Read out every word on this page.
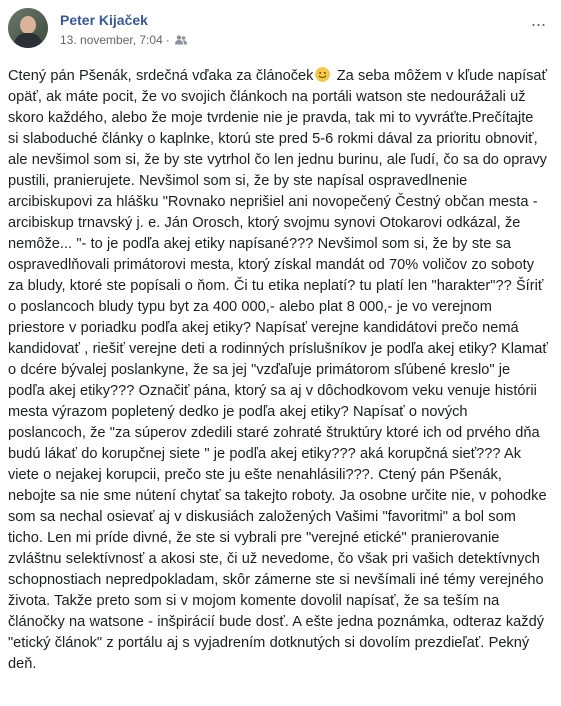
Peter Kijaček
13. november, 7:04 ·
···
Ctený pán Pšenák, srdečná vďaka za článoček Za seba môžem v kľude napísať opäť, ak máte pocit, že vo svojich článkoch na portáli watson ste nedourážali už skoro každého, alebo že moje tvrdenie nie je pravda, tak mi to vyvráťte.Prečítajte si slaboduché články o kaplnke, ktorú ste pred 5-6 rokmi dával za prioritu obnoviť, ale nevšimol som si, že by ste vytrhol čo len jednu burinu, ale ľudí, čo sa do opravy pustili, pranierujete. Nevšimol som si, že by ste napísal ospravedlnenie arcibiskupovi za hlášku "Rovnako neprišiel ani novopečený Čestný občan mesta - arcibiskup trnavský j. e. Ján Orosch, ktorý svojmu synovi Otokarovi odkázal, že nemôže... "- to je podľa akej etiky napísané??? Nevšimol som si, že by ste sa ospravedlňovali primátorovi mesta, ktorý získal mandát od 70% voličov zo soboty za bludy, ktoré ste popísali o ňom. Či tu etika neplatí? tu platí len "harakter"?? Šíriť o poslancoch bludy typu byt za 400 000,- alebo plat 8 000,- je vo verejnom priestore v poriadku podľa akej etiky? Napísať verejne kandidátovi prečo nemá kandidovať , riešiť verejne deti a rodinných príslušníkov je podľa akej etiky? Klamať o dcére bývalej poslankyne, že sa jej "vzďaľuje primátorom sľúbené kreslo" je podľa akej etiky??? Označiť pána, ktorý sa aj v dôchodkovom veku venuje histórii mesta výrazom popletený dedko je podľa akej etiky? Napísať o nových poslancoch, že "za súperov zdedili staré zohraté štruktúry ktoré ich od prvého dňa budú lákať do korupčnej siete " je podľa akej etiky??? aká korupčná sieť??? Ak viete o nejakej korupcii, prečo ste ju ešte nenahlásili???. Ctený pán Pšenák, nebojte sa nie sme nútení chytať sa takejto roboty. Ja osobne určite nie, v pohodke som sa nechal osievať aj v diskusiách založených Vašimi "favoritmi" a bol som ticho. Len mi príde divné, že ste si vybrali pre "verejné etické" pranierovanie zvláštnu selektívnosť a akosi ste, či už nevedome, čo však pri vašich detektívnych schopnostiach nepredpokladam, skôr zámerne ste si nevšímali iné témy verejného života. Takže preto som si v mojom komente dovolil napísať, že sa teším na článočky na watsone - inšpirácií bude dosť. A ešte jedna poznámka, odteraz každý "etický článok" z portálu aj s vyjadrením dotknutých si dovolím prezdieľať. Pekný deň.
